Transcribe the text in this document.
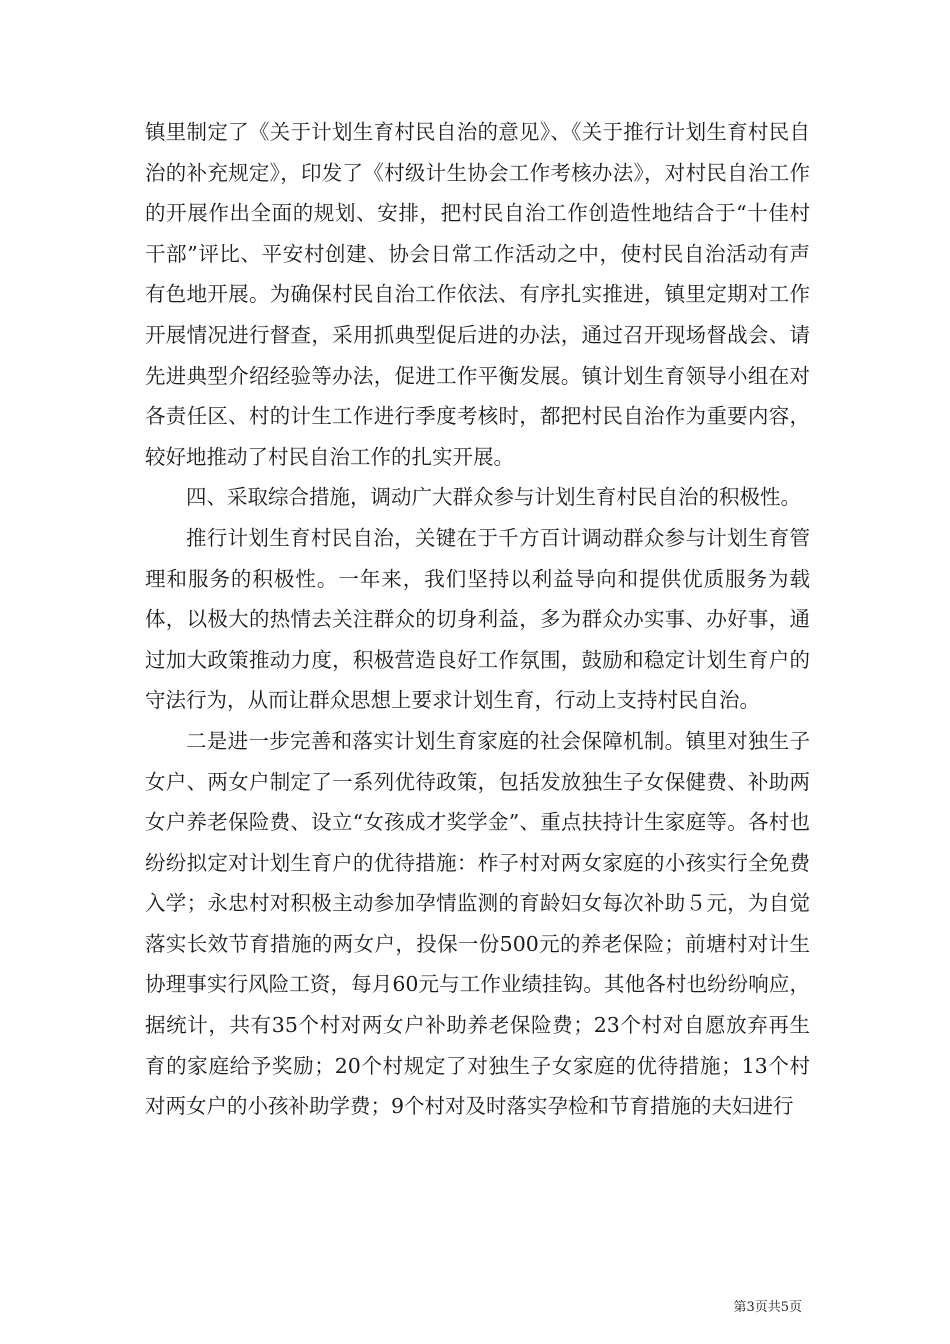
镇里制定了《关于计划生育村民自治的意见》、《关于推行计划生育村民自治的补充规定》，印发了《村级计生协会工作考核办法》，对村民自治工作的开展作出全面的规划、安排，把村民自治工作创造性地结合于“十佳村干部”评比、平安村创建、协会日常工作活动之中，使村民自治活动有声有色地开展。为确保村民自治工作依法、有序扎实推进，镇里定期对工作开展情况进行督查，采用抓典型促后进的办法，通过召开现场督战会、请先进典型介绍经验等办法，促进工作平衡发展。镇计划生育领导小组在对各责任区、村的计生工作进行季度考核时，都把村民自治作为重要内容，较好地推动了村民自治工作的扎实开展。

四、采取综合措施，调动广大群众参与计划生育村民自治的积极性。

推行计划生育村民自治，关键在于千方百计调动群众参与计划生育管理和服务的积极性。一年来，我们坚持以利益导向和提供优质服务为载体，以极大的热情去关注群众的切身利益，多为群众办实事、办好事，通过加大政策推动力度，积极营造良好工作氛围，鼓励和稳定计划生育户的守法行为，从而让群众思想上要求计划生育，行动上支持村民自治。

二是进一步完善和落实计划生育家庭的社会保障机制。镇里对独生子女户、两女户制定了一系列优待政策，包括发放独生子女保健费、补助两女户养老保险费、设立“女孩成才奖学金”、重点扶持计生家庭等。各村也纷纷拟定对计划生育户的优待措施：柞子村对两女家庭的小孩实行全免费入学；永忠村对积极主动参加孕情监测的育龄妇女每次补助５元，为自觉落实长效节育措施的两女户，投保一份500元的养老保险；前塘村对计生协理事实行风险工资，每月60元与工作业绩挂钩。其他各村也纷纷响应，据统计，共有35个村对两女户补助养老保险费；23个村对自愿放弃再生育的家庭给予奖励；20个村规定了对独生子女家庭的优待措施；13个村对两女户的小孩补助学费；9个村对及时落实孕检和节育措施的夫妇进行

第3页共5页
